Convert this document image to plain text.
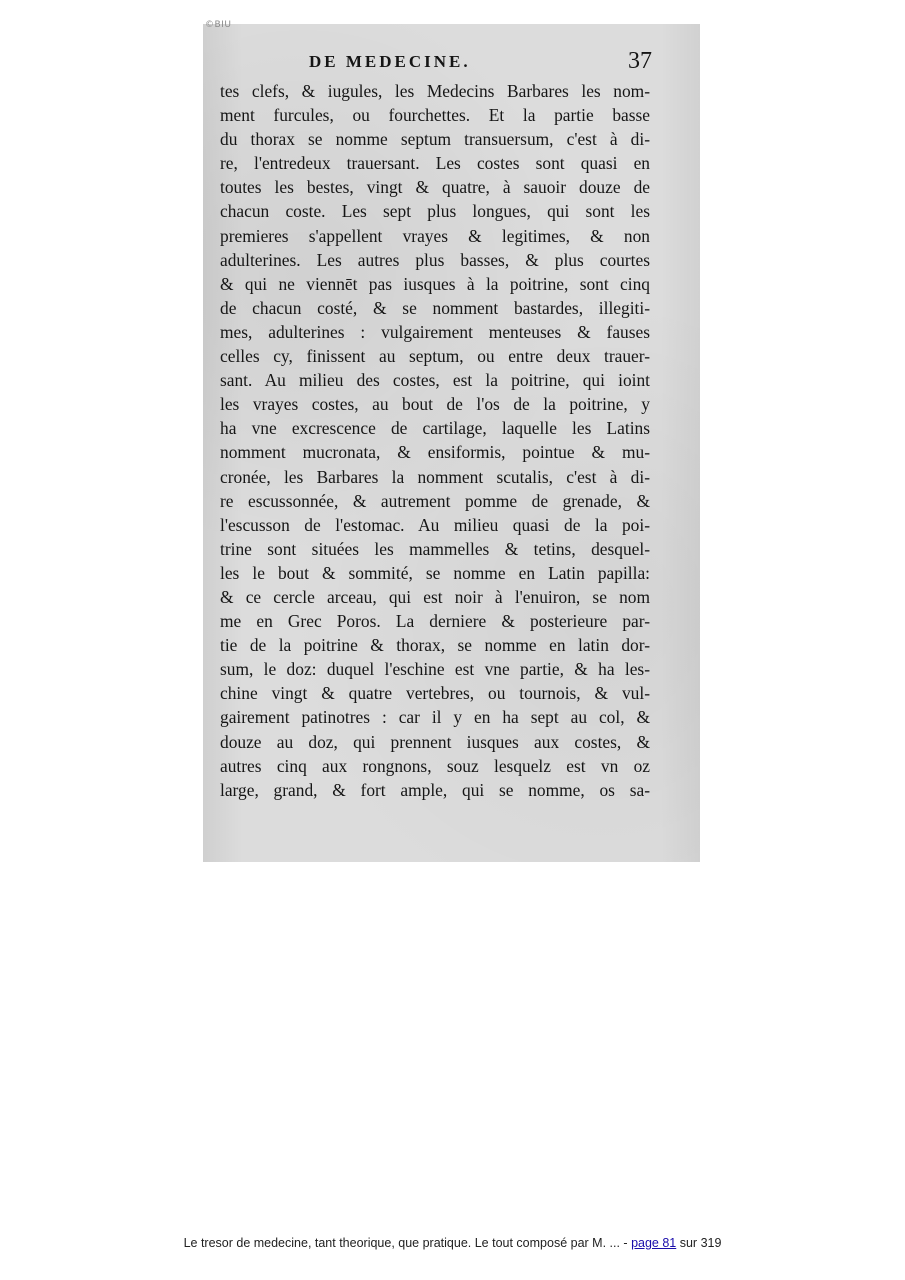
©BIU
DE MEDECINE.	37
tes clefs, & iugules, les Medecins Barbares les nom-
ment furcules, ou fourchettes. Et la partie basse
du thorax se nomme septum transuersum, c'est à di-
re, l'entredeux trauersant. Les costes sont quasi en
toutes les bestes, vingt & quatre, à sauoir douze de
chacun coste. Les sept plus longues, qui sont les
premieres s'appellent vrayes & legitimes, & non
adulterines. Les autres plus basses, & plus courtes
& qui ne viennēt pas iusques à la poitrine, sont cinq
de chacun costé, & se nomment bastardes, illegiti-
mes, adulterines : vulgairement menteuses & fauses
celles cy, finissent au septum, ou entre deux trauer-
sant. Au milieu des costes, est la poitrine, qui ioint
les vrayes costes, au bout de l'os de la poitrine, y
ha vne excrescence de cartilage, laquelle les Latins
nomment mucronata, & ensiformis, pointue & mu-
cronée, les Barbares la nomment scutalis, c'est à di-
re escussonnée, & autrement pomme de grenade, &
l'escusson de l'estomac. Au milieu quasi de la poi-
trine sont situées les mammelles & tetins, desquel-
les le bout & sommité, se nomme en Latin papilla:
& ce cercle arceau, qui est noir à l'enuiron, se nom
me en Grec Poros. La derniere & posterieure par-
tie de la poitrine & thorax, se nomme en latin dor-
sum, le doz: duquel l'eschine est vne partie, & ha les-
chine vingt & quatre vertebres, ou tournois, & vul-
gairement patinotres : car il y en ha sept au col, &
douze au doz, qui prennent iusques aux costes, &
autres cinq aux rongnons, souz lesquelz est vn oz
large, grand, & fort ample, qui se nomme, os sa-
Le tresor de medecine, tant theorique, que pratique. Le tout composé par M. ... - page 81 sur 319
